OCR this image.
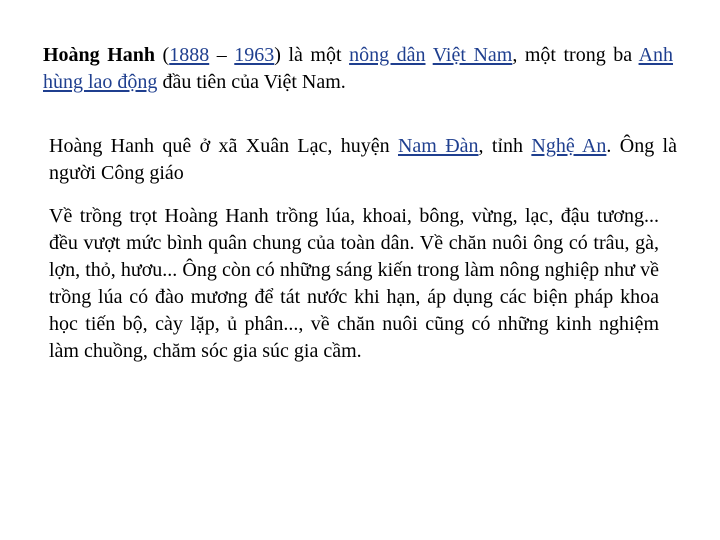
Hoàng Hanh (1888 – 1963) là một nông dân Việt Nam, một trong ba Anh hùng lao động đầu tiên của Việt Nam.

Hoàng Hanh quê ở xã Xuân Lạc, huyện Nam Đàn, tỉnh Nghệ An. Ông là người Công giáo

Về trồng trọt Hoàng Hanh trồng lúa, khoai, bông, vừng, lạc, đậu tương... đều vượt mức bình quân chung của toàn dân. Về chăn nuôi ông có trâu, gà, lợn, thỏ, hươu... Ông còn có những sáng kiến trong làm nông nghiệp như về trồng lúa có đào mương để tát nước khi hạn, áp dụng các biện pháp khoa học tiến bộ, cày lặp, ủ phân..., về chăn nuôi cũng có những kinh nghiệm làm chuồng, chăm sóc gia súc gia cầm.
